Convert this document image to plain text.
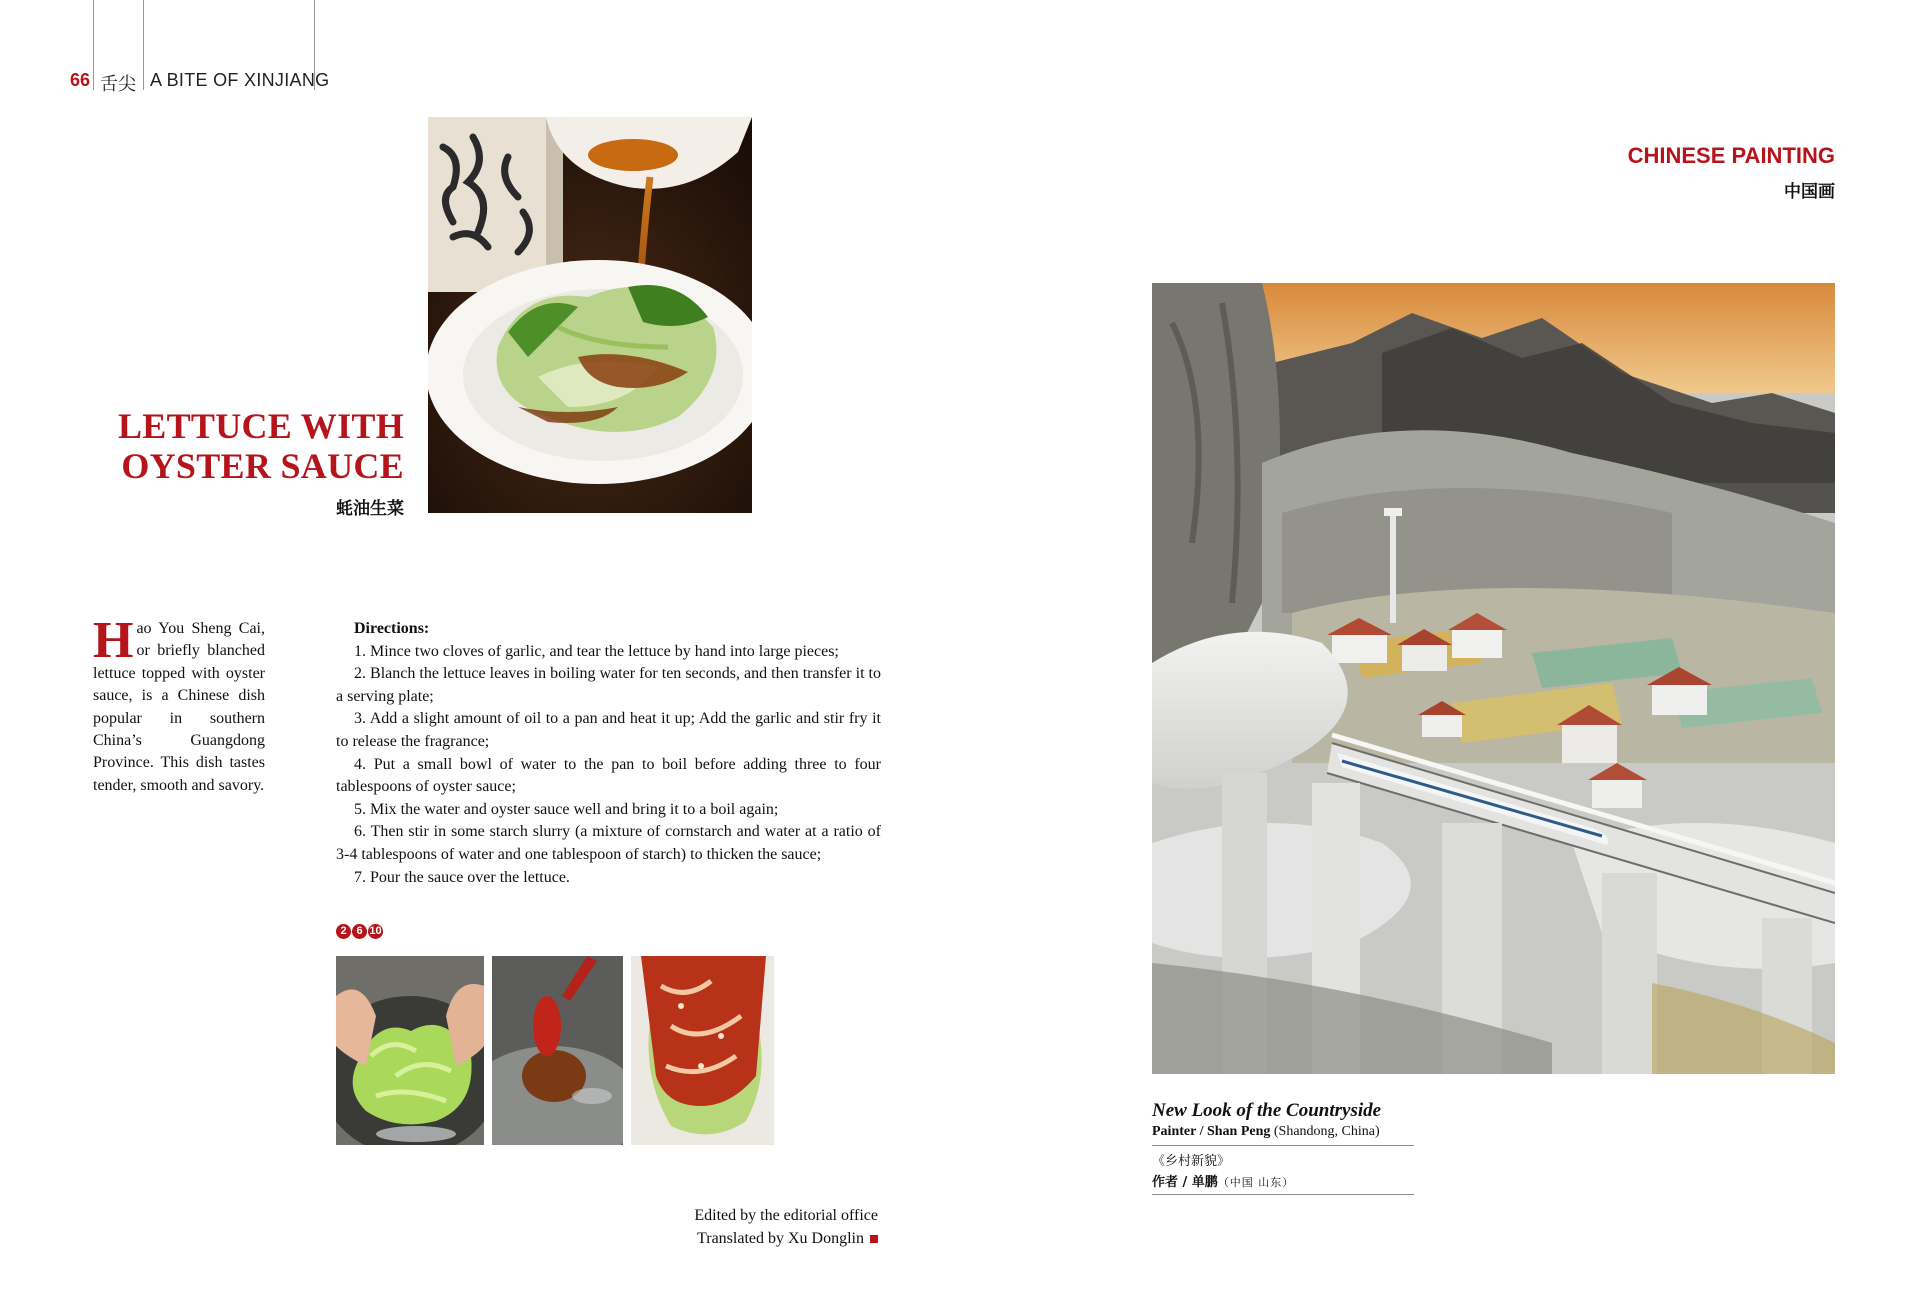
66 舌尖 A BITE OF XINJIANG
LETTUCE WITH
OYSTER SAUCE
蚝油生菜
Hao You Sheng Cai, or briefly blanched lettuce topped with oyster sauce, is a Chinese dish popular in southern China’s Guangdong Province. This dish tastes tender, smooth and savory.
Directions:

1. Mince two cloves of garlic, and tear the lettuce by hand into large pieces;

2. Blanch the lettuce leaves in boiling water for ten seconds, and then transfer it to a serving plate;

3. Add a slight amount of oil to a pan and heat it up; Add the garlic and stir fry it to release the fragrance;

4. Put a small bowl of water to the pan to boil before adding three to four tablespoons of oyster sauce;

5. Mix the water and oyster sauce well and bring it to a boil again;

6. Then stir in some starch slurry (a mixture of cornstarch and water at a ratio of 3-4 tablespoons of water and one tablespoon of starch) to thicken the sauce;

7. Pour the sauce over the lettuce.

2 6 10
Edited by the editorial office
Translated by Xu Donglin
CHINESE PAINTING
中国画
New Look of the Countryside
Painter / Shan Peng (Shandong, China)
《乡村新貌》
作者 / 单鹏（中国 山东）
